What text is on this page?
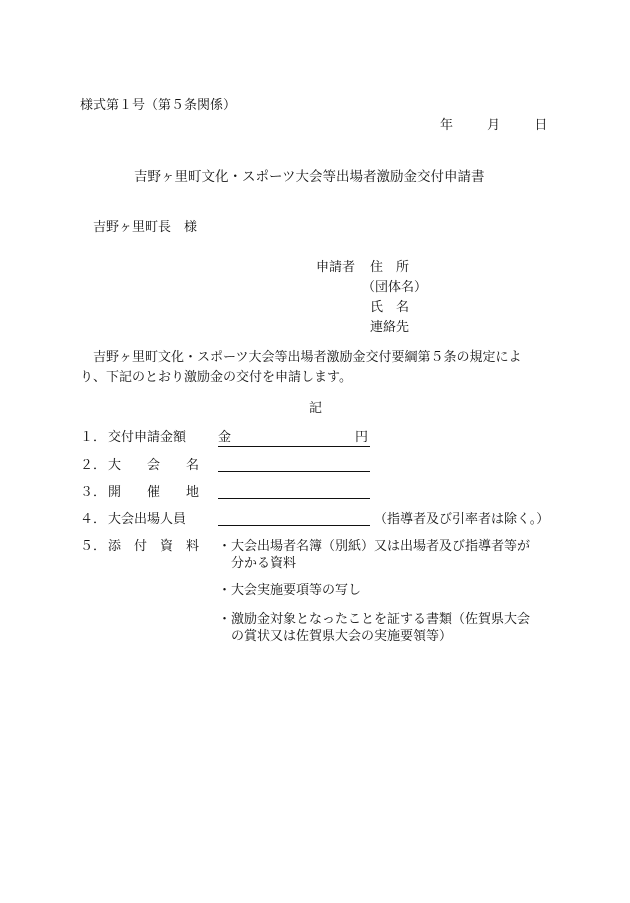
様式第１号（第５条関係）
年	月	日
吉野ヶ里町文化・スポーツ大会等出場者激励金交付申請書
吉野ヶ里町長　様
申請者 住　所
（団体名）
氏　名
連絡先
吉野ヶ里町文化・スポーツ大会等出場者激励金交付要綱第５条の規定によ
り、下記のとおり激励金の交付を申請します。
記
１． 交付申請金額 金	円
２． 大　　会　　名
３． 開　　催　　地
４． 大会出場人員	（指導者及び引率者は除く。）
５． 添　付　資　料 ・ 大会出場者名簿（別紙）又は出場者及び指導者等が
分かる資料
・ 大会実施要項等の写し
・ 激励金対象となったことを証する書類（佐賀県大会
の賞状又は佐賀県大会の実施要領等）
